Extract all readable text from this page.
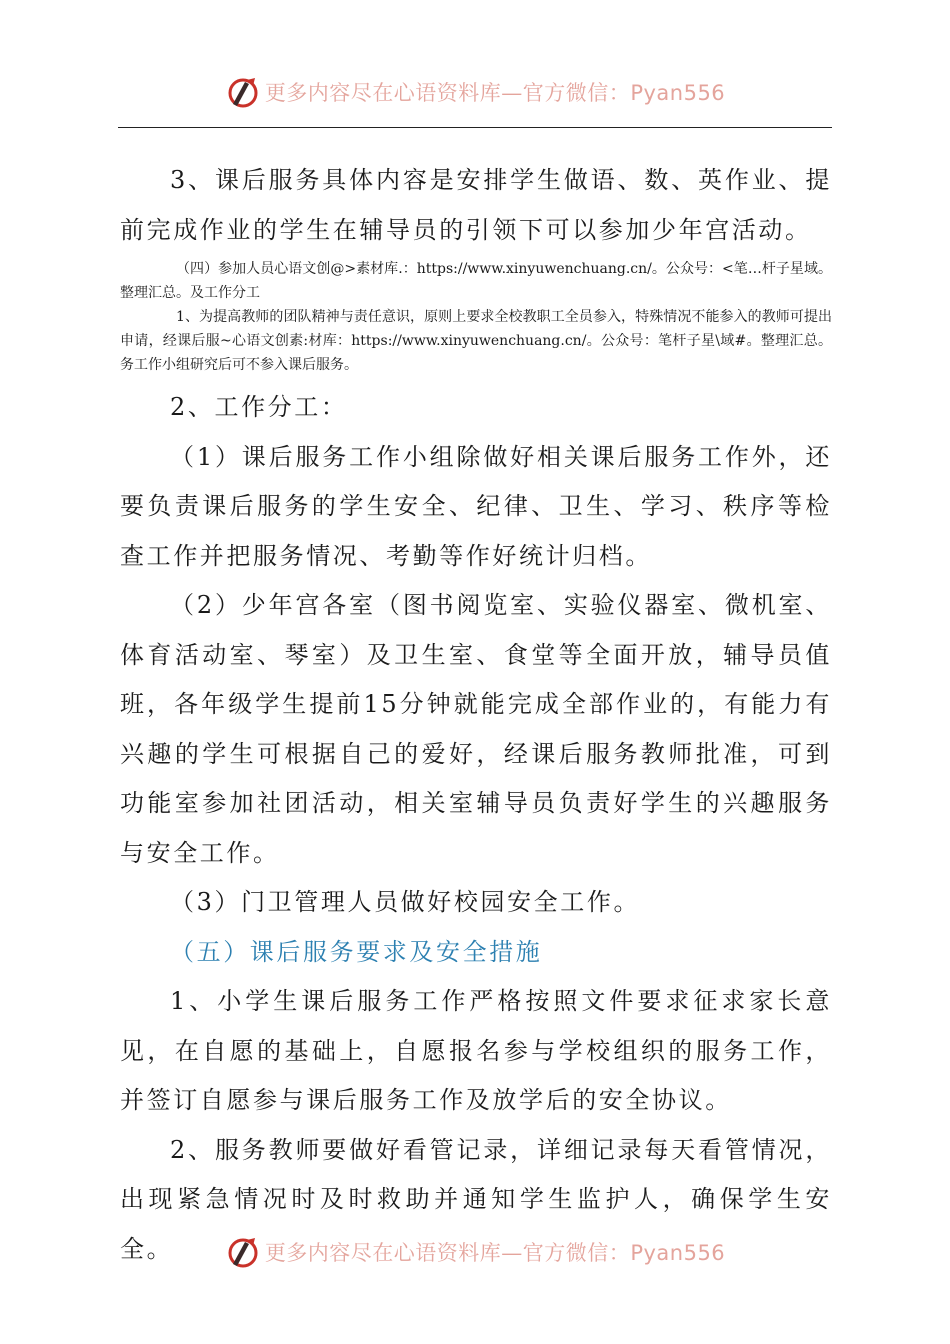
更多内容尽在心语资料库—官方微信：Pyan556

3、课后服务具体内容是安排学生做语、数、英作业、提前完成作业的学生在辅导员的引领下可以参加少年宫活动。

（四）参加人员心语文创@>素材库.：https://www.xinyuwenchuang.cn/。公众号：<笔…杆子星域。整理汇总。及工作分工

1、为提高教师的团队精神与责任意识，原则上要求全校教职工全员参入，特殊情况不能参入的教师可提出申请，经课后服~心语文创素:材库：https://www.xinyuwenchuang.cn/。公众号：笔杆子星\域#。整理汇总。务工作小组研究后可不参入课后服务。

2、工作分工：

（1）课后服务工作小组除做好相关课后服务工作外，还要负责课后服务的学生安全、纪律、卫生、学习、秩序等检查工作并把服务情况、考勤等作好统计归档。

（2）少年宫各室（图书阅览室、实验仪器室、微机室、体育活动室、琴室）及卫生室、食堂等全面开放，辅导员值班，各年级学生提前15分钟就能完成全部作业的，有能力有兴趣的学生可根据自己的爱好，经课后服务教师批准，可到功能室参加社团活动，相关室辅导员负责好学生的兴趣服务与安全工作。

（3）门卫管理人员做好校园安全工作。

（五）课后服务要求及安全措施

1、小学生课后服务工作严格按照文件要求征求家长意见，在自愿的基础上，自愿报名参与学校组织的服务工作，并签订自愿参与课后服务工作及放学后的安全协议。

2、服务教师要做好看管记录，详细记录每天看管情况，出现紧急情况时及时救助并通知学生监护人，确保学生安全。	更多内容尽在心语资料库—官方微信：Pyan556
